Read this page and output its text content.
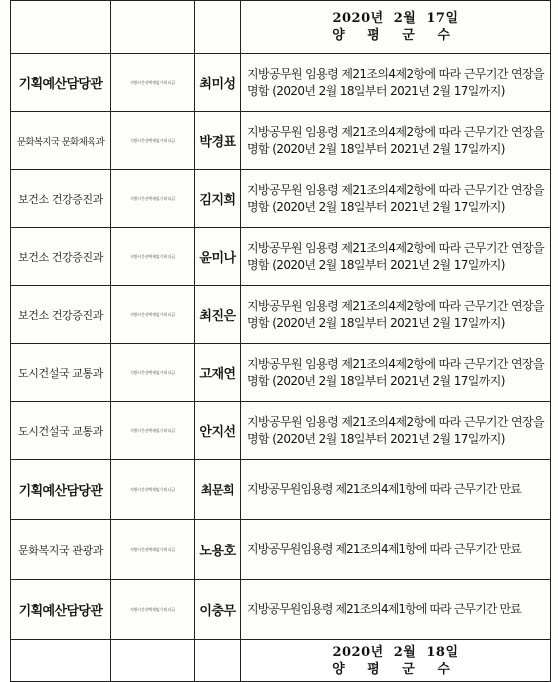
			2020년  2월  17일
양 평 군 수

기획예산담당관	지방시간선택제임기제 다급	최미성	지방공무원 임용령 제21조의4제2항에 따라 근무기간 연장을 명함 (2020년 2월 18일부터 2021년 2월 17일까지)
문화복지국 문화체육과	지방시간선택제임기제 다급	박경표	지방공무원 임용령 제21조의4제2항에 따라 근무기간 연장을 명함 (2020년 2월 18일부터 2021년 2월 17일까지)
보건소 건강증진과	지방시간선택제임기제 다급	김지희	지방공무원 임용령 제21조의4제2항에 따라 근무기간 연장을 명함 (2020년 2월 18일부터 2021년 2월 17일까지)
보건소 건강증진과	지방시간선택제임기제 다급	윤미나	지방공무원 임용령 제21조의4제2항에 따라 근무기간 연장을 명함 (2020년 2월 18일부터 2021년 2월 17일까지)
보건소 건강증진과	지방시간선택제임기제 다급	최진은	지방공무원 임용령 제21조의4제2항에 따라 근무기간 연장을 명함 (2020년 2월 18일부터 2021년 2월 17일까지)
도시건설국 교통과	지방시간선택제임기제 다급	고재연	지방공무원 임용령 제21조의4제2항에 따라 근무기간 연장을 명함 (2020년 2월 18일부터 2021년 2월 17일까지)
도시건설국 교통과	지방시간선택제임기제 다급	안지선	지방공무원 임용령 제21조의4제2항에 따라 근무기간 연장을 명함 (2020년 2월 18일부터 2021년 2월 17일까지)
기획예산담당관	지방시간선택제임기제 나급	최문희	지방공무원임용령 제21조의4제1항에 따라 근무기간 만료
문화복지국 관광과	지방시간선택제임기제 다급	노용호	지방공무원임용령 제21조의4제1항에 따라 근무기간 만료
기획예산담당관	지방시간선택제임기제 다급	이충무	지방공무원임용령 제21조의4제1항에 따라 근무기간 만료

			2020년  2월  18일
양 평 군 수
